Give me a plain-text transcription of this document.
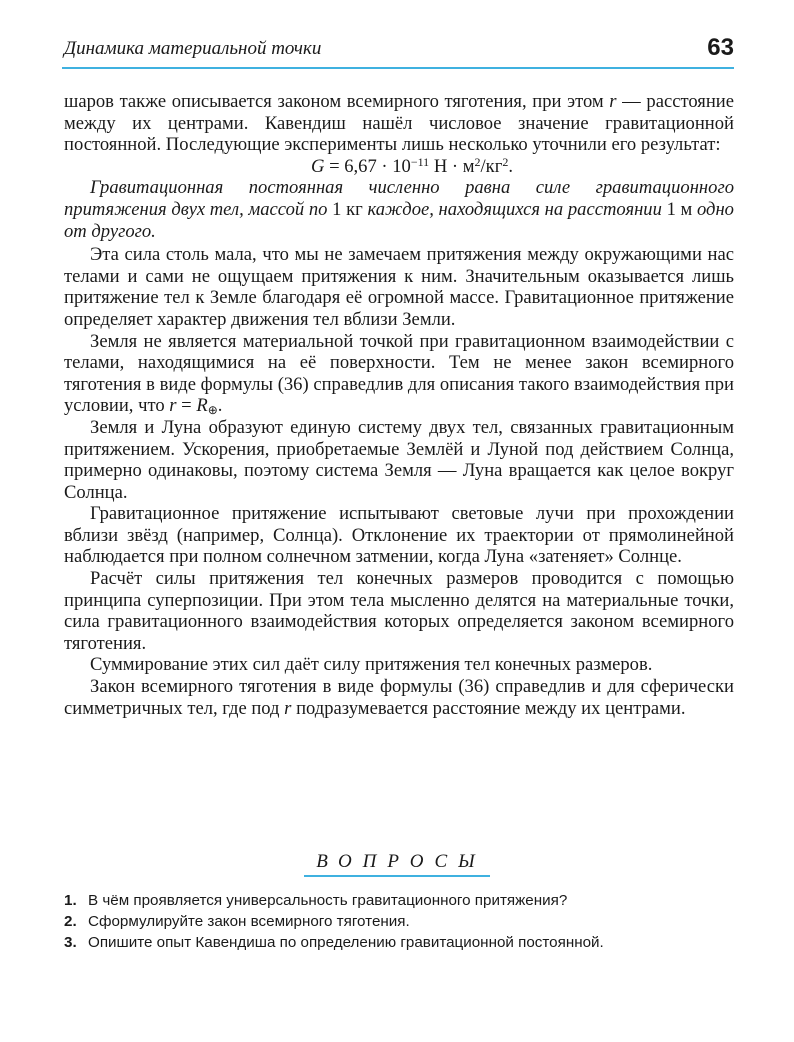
Динамика материальной точки	63

шаров также описывается законом всемирного тяготения, при этом r — расстояние между их центрами. Кавендиш нашёл числовое значение гравитационной постоянной. Последующие эксперименты лишь несколько уточнили его результат:

$G = 6,67 \cdot 10^{-11}$ $Н \cdot м^2/кг^2$.

Гравитационная постоянная численно равна силе гравитационного притяжения двух тел, массой по 1 кг каждое, находящихся на расстоянии 1 м одно от другого.

Эта сила столь мала, что мы не замечаем притяжения между окружающими нас телами и сами не ощущаем притяжения к ним. Значительным оказывается лишь притяжение тел к Земле благодаря её огромной массе. Гравитационное притяжение определяет характер движения тел вблизи Земли.

Земля не является материальной точкой при гравитационном взаимодействии с телами, находящимися на её поверхности. Тем не менее закон всемирного тяготения в виде формулы (36) справедлив для описания такого взаимодействия при условии, что $r = R_\oplus$.

Земля и Луна образуют единую систему двух тел, связанных гравитационным притяжением. Ускорения, приобретаемые Землёй и Луной под действием Солнца, примерно одинаковы, поэтому система Земля — Луна вращается как целое вокруг Солнца.

Гравитационное притяжение испытывают световые лучи при прохождении вблизи звёзд (например, Солнца). Отклонение их траектории от прямолинейной наблюдается при полном солнечном затмении, когда Луна «затеняет» Солнце.

Расчёт силы притяжения тел конечных размеров проводится с помощью принципа суперпозиции. При этом тела мысленно делятся на материальные точки, сила гравитационного взаимодействия которых определяется законом всемирного тяготения.

Суммирование этих сил даёт силу притяжения тел конечных размеров.

Закон всемирного тяготения в виде формулы (36) справедлив и для сферически симметричных тел, где под r подразумевается расстояние между их центрами.

ВОПРОСЫ
1. В чём проявляется универсальность гравитационного притяжения?
2. Сформулируйте закон всемирного тяготения.
3. Опишите опыт Кавендиша по определению гравитационной постоянной.
